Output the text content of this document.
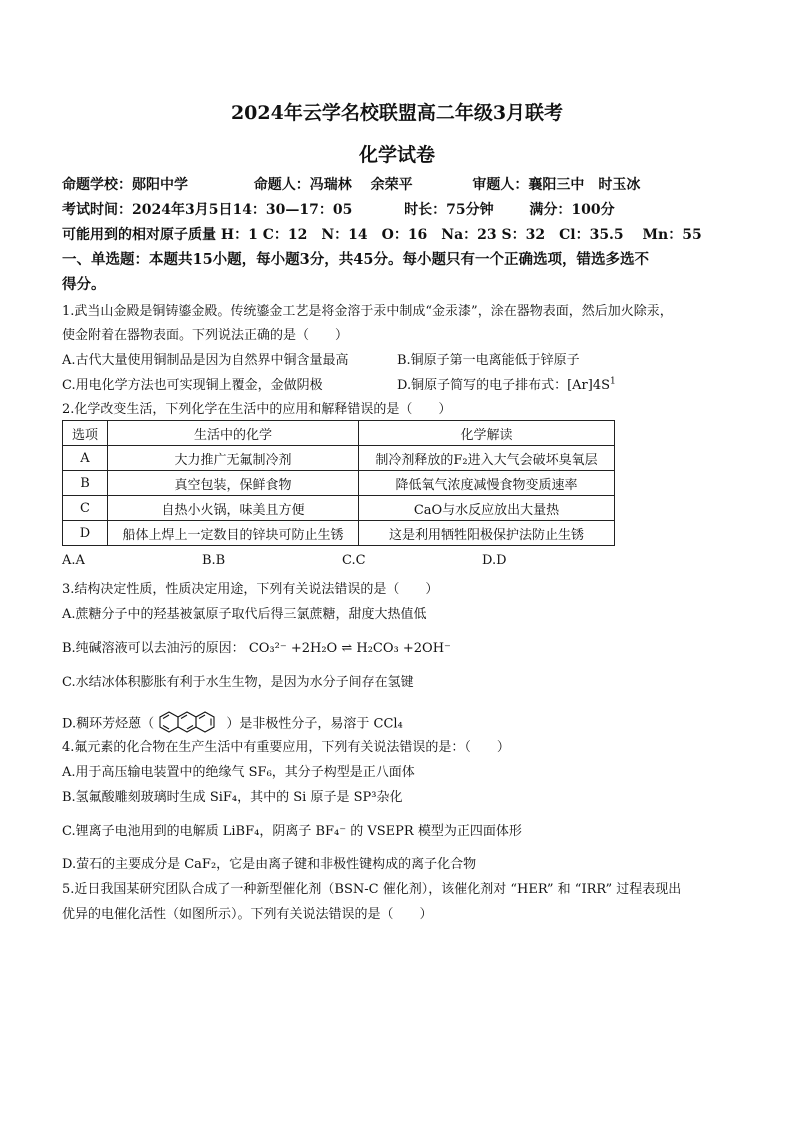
2024年云学名校联盟高二年级3月联考
化学试卷
命题学校：郧阳中学	命题人：冯瑞林　 余荣平	审题人：襄阳三中　时玉冰
考试时间：2024年3月5日14：30—17：05	时长：75分钟	满分：100分
可能用到的相对原子质量 H：1 C：12　N：14　O：16　Na：23 S：32　Cl：35.5　 Mn：55
一、单选题：本题共15小题，每小题3分，共45分。每小题只有一个正确选项，错选多选不
得分。
1.武当山金殿是铜铸鎏金殿。传统鎏金工艺是将金溶于汞中制成“金汞漆”，涂在器物表面，然后加火除汞，
使金附着在器物表面。下列说法正确的是（　　）
A.古代大量使用铜制品是因为自然界中铜含量最高	B.铜原子第一电离能低于锌原子
C.用电化学方法也可实现铜上覆金，金做阴极	D.铜原子简写的电子排布式：$[Ar]4S^1$
2.化学改变生活，下列化学在生活中的应用和解释错误的是（　　）
选项	生活中的化学	化学解读
A	大力推广无氟制冷剂	制冷剂释放的F₂进入大气会破坏臭氧层
B	真空包装，保鲜食物	降低氧气浓度减慢食物变质速率
C	自热小火锅，味美且方便	CaO与水反应放出大量热
D	船体上焊上一定数目的锌块可防止生锈	这是利用牺牲阳极保护法防止生锈
A.A	B.B	C.C	D.D
3.结构决定性质，性质决定用途，下列有关说法错误的是（　　）
A.蔗糖分子中的羟基被氯原子取代后得三氯蔗糖，甜度大热值低
B.纯碱溶液可以去油污的原因： CO₃²⁻ +2H₂O ⇌ H₂CO₃ +2OH⁻
C.水结冰体积膨胀有利于水生生物，是因为水分子间存在氢键
D.稠环芳烃蒽（	）是非极性分子，易溶于 CCl₄
4.氟元素的化合物在生产生活中有重要应用，下列有关说法错误的是：（　　）
A.用于高压输电装置中的绝缘气 SF₆，其分子构型是正八面体
B.氢氟酸雕刻玻璃时生成 SiF₄，其中的 Si 原子是 SP³杂化
C.锂离子电池用到的电解质 LiBF₄，阴离子 BF₄⁻ 的 VSEPR 模型为正四面体形
D.萤石的主要成分是 CaF₂，它是由离子键和非极性键构成的离子化合物
5.近日我国某研究团队合成了一种新型催化剂（BSN-C 催化剂），该催化剂对 “HER” 和 “IRR” 过程表现出
优异的电催化活性（如图所示）。下列有关说法错误的是（　　）
